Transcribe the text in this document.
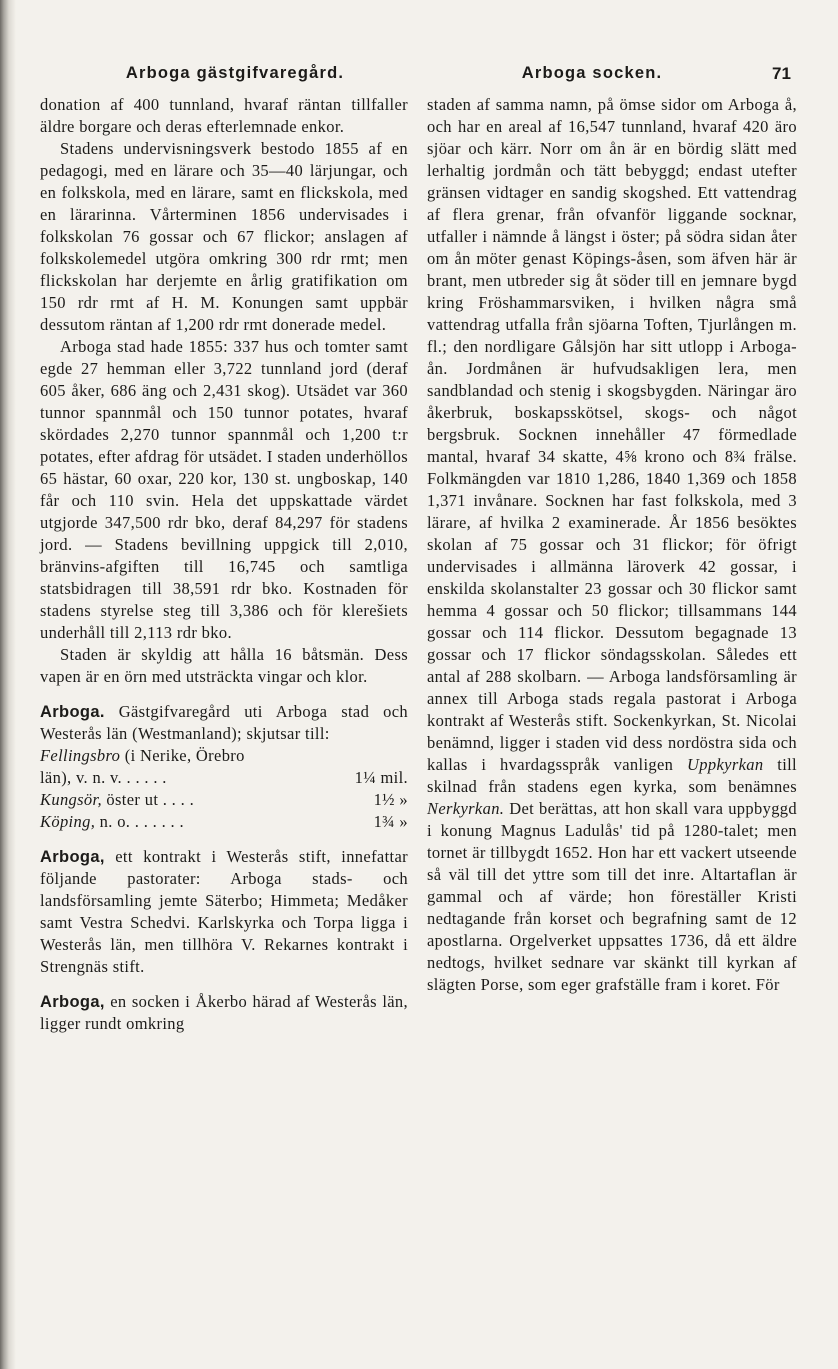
Arboga gästgifvaregård.	Arboga socken.	71

donation af 400 tunnland, hvaraf räntan tillfaller äldre borgare och deras efterlemnade enkor.

Stadens undervisningsverk bestodo 1855 af en pedagogi, med en lärare och 35—40 lärjungar, och en folkskola, med en lärare, samt en flickskola, med en lärarinna. Vårterminen 1856 undervisades i folkskolan 76 gossar och 67 flickor; anslagen af folkskolemedel utgöra omkring 300 rdr rmt; men flickskolan har derjemte en årlig gratifikation om 150 rdr rmt af H. M. Konungen samt uppbär dessutom räntan af 1,200 rdr rmt donerade medel.

Arboga stad hade 1855: 337 hus och tomter samt egde 27 hemman eller 3,722 tunnland jord (deraf 605 åker, 686 äng och 2,431 skog). Utsädet var 360 tunnor spannmål och 150 tunnor potates, hvaraf skördades 2,270 tunnor spannmål och 1,200 t:r potates, efter afdrag för utsädet. I staden underhöllos 65 hästar, 60 oxar, 220 kor, 130 st. ungboskap, 140 får och 110 svin. Hela det uppskattade värdet utgjorde 347,500 rdr bko, deraf 84,297 för stadens jord. — Stadens bevillning uppgick till 2,010, bränvins-afgiften till 16,745 och samtliga statsbidragen till 38,591 rdr bko. Kostnaden för stadens styrelse steg till 3,386 och för klerešiets underhåll till 2,113 rdr bko.

Staden är skyldig att hålla 16 båtsmän. Dess vapen är en örn med utsträckta vingar och klor.

Arboga. Gästgifvaregård uti Arboga stad och Westerås län (Westmanland); skjutsar till:

Fellingsbro (i Nerike, Örebro
län), v. n. v. . . . . .	1¼ mil.
Kungsör, öster ut . . . .	1½ »
Köping, n. o. . . . . . .	1¾ »

Arboga, ett kontrakt i Westerås stift, innefattar följande pastorater: Arboga stads- och landsförsamling jemte Säterbo; Himmeta; Medåker samt Vestra Schedvi. Karlskyrka och Torpa ligga i Westerås län, men tillhöra V. Rekarnes kontrakt i Strengnäs stift.

Arboga, en socken i Åkerbo härad af Westerås län, ligger rundt omkring

staden af samma namn, på ömse sidor om Arboga å, och har en areal af 16,547 tunnland, hvaraf 420 äro sjöar och kärr. Norr om ån är en bördig slätt med lerhaltig jordmån och tätt bebyggd; endast utefter gränsen vidtager en sandig skogshed. Ett vattendrag af flera grenar, från ofvanför liggande socknar, utfaller i nämnde å längst i öster; på södra sidan åter om ån möter genast Köpings-åsen, som äfven här är brant, men utbreder sig åt söder till en jemnare bygd kring Fröshammarsviken, i hvilken några små vattendrag utfalla från sjöarna Toften, Tjurlången m. fl.; den nordligare Gålsjön har sitt utlopp i Arboga-ån. Jordmånen är hufvudsakligen lera, men sandblandad och stenig i skogsbygden. Näringar äro åkerbruk, boskapsskötsel, skogs- och något bergsbruk. Socknen innehåller 47 förmedlade mantal, hvaraf 34 skatte, 4⅝ krono och 8¾ frälse. Folkmängden var 1810 1,286, 1840 1,369 och 1858 1,371 invånare. Socknen har fast folkskola, med 3 lärare, af hvilka 2 examinerade. År 1856 besöktes skolan af 75 gossar och 31 flickor; för öfrigt undervisades i allmänna läroverk 42 gossar, i enskilda skolanstalter 23 gossar och 30 flickor samt hemma 4 gossar och 50 flickor; tillsammans 144 gossar och 114 flickor. Dessutom begagnade 13 gossar och 17 flickor söndagsskolan. Således ett antal af 288 skolbarn. — Arboga landsförsamling är annex till Arboga stads regala pastorat i Arboga kontrakt af Westerås stift. Sockenkyrkan, St. Nicolai benämnd, ligger i staden vid dess nordöstra sida och kallas i hvardagsspråk vanligen Uppkyrkan till skilnad från stadens egen kyrka, som benämnes Nerkyrkan. Det berättas, att hon skall vara uppbyggd i konung Magnus Ladulås' tid på 1280-talet; men tornet är tillbygdt 1652. Hon har ett vackert utseende så väl till det yttre som till det inre. Altartaflan är gammal och af värde; hon föreställer Kristi nedtagande från korset och begrafning samt de 12 apostlarna. Orgelverket uppsattes 1736, då ett äldre nedtogs, hvilket sednare var skänkt till kyrkan af slägten Porse, som eger grafställe fram i koret. För
